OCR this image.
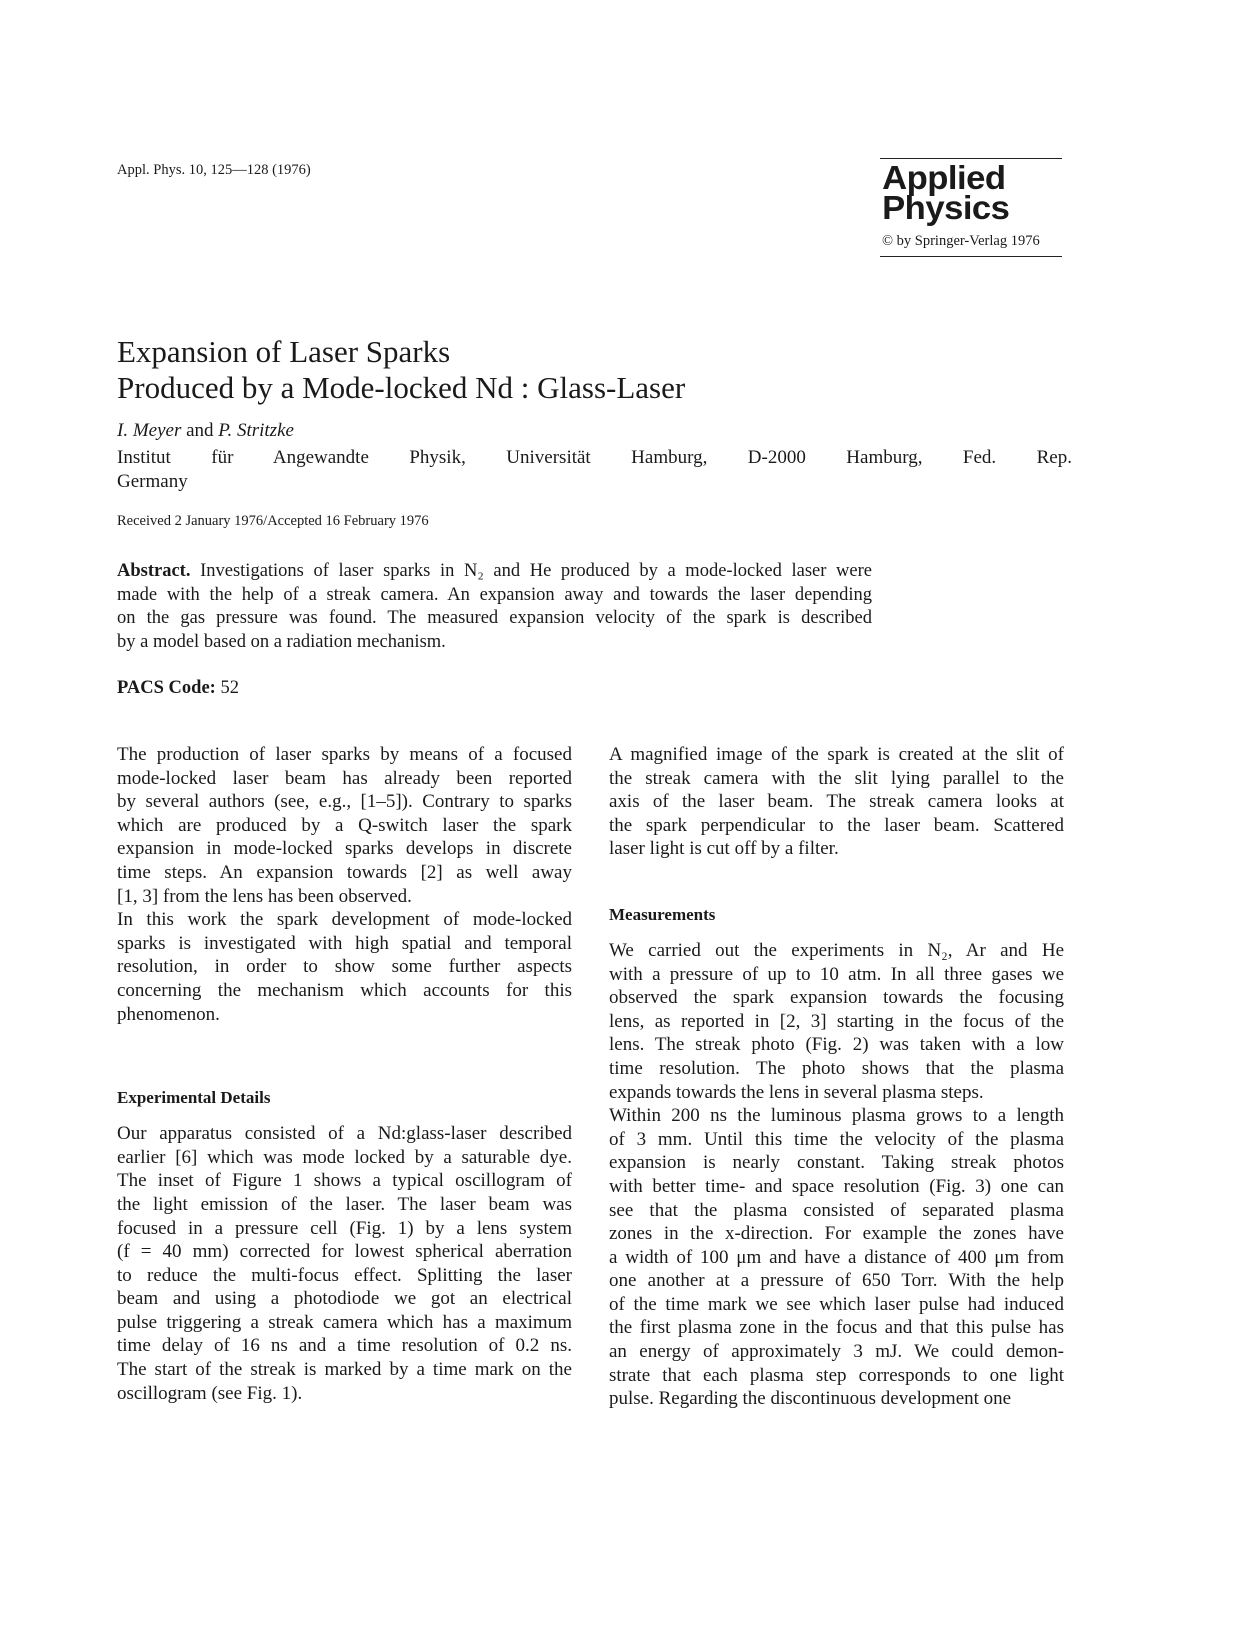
Appl. Phys. 10, 125—128 (1976)	Applied
Physics
© by Springer-Verlag 1976
Expansion of Laser Sparks
Produced by a Mode-locked Nd : Glass-Laser
I. Meyer and P. Stritzke
Institut für Angewandte Physik, Universität Hamburg, D-2000 Hamburg, Fed. Rep.
Germany
Received 2 January 1976/Accepted 16 February 1976
Abstract. Investigations of laser sparks in N₂ and He produced by a mode-locked laser were
made with the help of a streak camera. An expansion away and towards the laser depending
on the gas pressure was found. The measured expansion velocity of the spark is described
by a model based on a radiation mechanism.
PACS Code: 52
The production of laser sparks by means of a focused
mode-locked laser beam has already been reported
by several authors (see, e.g., [1–5]). Contrary to sparks
which are produced by a Q-switch laser the spark
expansion in mode-locked sparks develops in discrete
time steps. An expansion towards [2] as well away
[1, 3] from the lens has been observed.
In this work the spark development of mode-locked
sparks is investigated with high spatial and temporal
resolution, in order to show some further aspects
concerning the mechanism which accounts for this
phenomenon.
Experimental Details
Our apparatus consisted of a Nd:glass-laser described
earlier [6] which was mode locked by a saturable dye.
The inset of Figure 1 shows a typical oscillogram of
the light emission of the laser. The laser beam was
focused in a pressure cell (Fig. 1) by a lens system
(f = 40 mm) corrected for lowest spherical aberration
to reduce the multi-focus effect. Splitting the laser
beam and using a photodiode we got an electrical
pulse triggering a streak camera which has a maximum
time delay of 16 ns and a time resolution of 0.2 ns.
The start of the streak is marked by a time mark on the
oscillogram (see Fig. 1).
A magnified image of the spark is created at the slit of
the streak camera with the slit lying parallel to the
axis of the laser beam. The streak camera looks at
the spark perpendicular to the laser beam. Scattered
laser light is cut off by a filter.
Measurements
We carried out the experiments in N₂, Ar and He
with a pressure of up to 10 atm. In all three gases we
observed the spark expansion towards the focusing
lens, as reported in [2, 3] starting in the focus of the
lens. The streak photo (Fig. 2) was taken with a low
time resolution. The photo shows that the plasma
expands towards the lens in several plasma steps.
Within 200 ns the luminous plasma grows to a length
of 3 mm. Until this time the velocity of the plasma
expansion is nearly constant. Taking streak photos
with better time- and space resolution (Fig. 3) one can
see that the plasma consisted of separated plasma
zones in the x-direction. For example the zones have
a width of 100 μm and have a distance of 400 μm from
one another at a pressure of 650 Torr. With the help
of the time mark we see which laser pulse had induced
the first plasma zone in the focus and that this pulse has
an energy of approximately 3 mJ. We could demon-
strate that each plasma step corresponds to one light
pulse. Regarding the discontinuous development one
